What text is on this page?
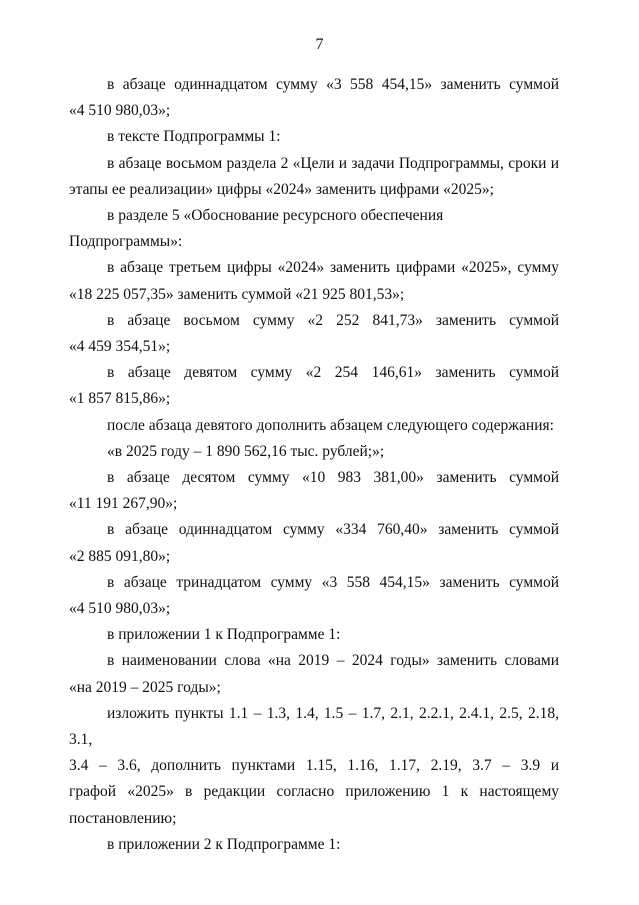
7
в абзаце одиннадцатом сумму «3 558 454,15» заменить суммой
«4 510 980,03»;
в тексте Подпрограммы 1:
в абзаце восьмом раздела 2 «Цели и задачи Подпрограммы, сроки и
этапы ее реализации» цифры «2024» заменить цифрами «2025»;
в разделе 5 «Обоснование ресурсного обеспечения Подпрограммы»:
в абзаце третьем цифры «2024» заменить цифрами «2025», сумму
«18 225 057,35» заменить суммой «21 925 801,53»;
в абзаце восьмом сумму «2 252 841,73» заменить суммой
«4 459 354,51»;
в абзаце девятом сумму «2 254 146,61» заменить суммой
«1 857 815,86»;
после абзаца девятого дополнить абзацем следующего содержания:
«в 2025 году – 1 890 562,16 тыс. рублей;»;
в абзаце десятом сумму «10 983 381,00» заменить суммой
«11 191 267,90»;
в абзаце одиннадцатом сумму «334 760,40» заменить суммой
«2 885 091,80»;
в абзаце тринадцатом сумму «3 558 454,15» заменить суммой
«4 510 980,03»;
в приложении 1 к Подпрограмме 1:
в наименовании слова «на 2019 – 2024 годы» заменить словами
«на 2019 – 2025 годы»;
изложить пункты 1.1 – 1.3, 1.4, 1.5 – 1.7, 2.1, 2.2.1, 2.4.1, 2.5, 2.18, 3.1,
3.4 – 3.6, дополнить пунктами 1.15, 1.16, 1.17, 2.19, 3.7 – 3.9 и
графой «2025» в редакции согласно приложению 1 к настоящему
постановлению;
в приложении 2 к Подпрограмме 1:
